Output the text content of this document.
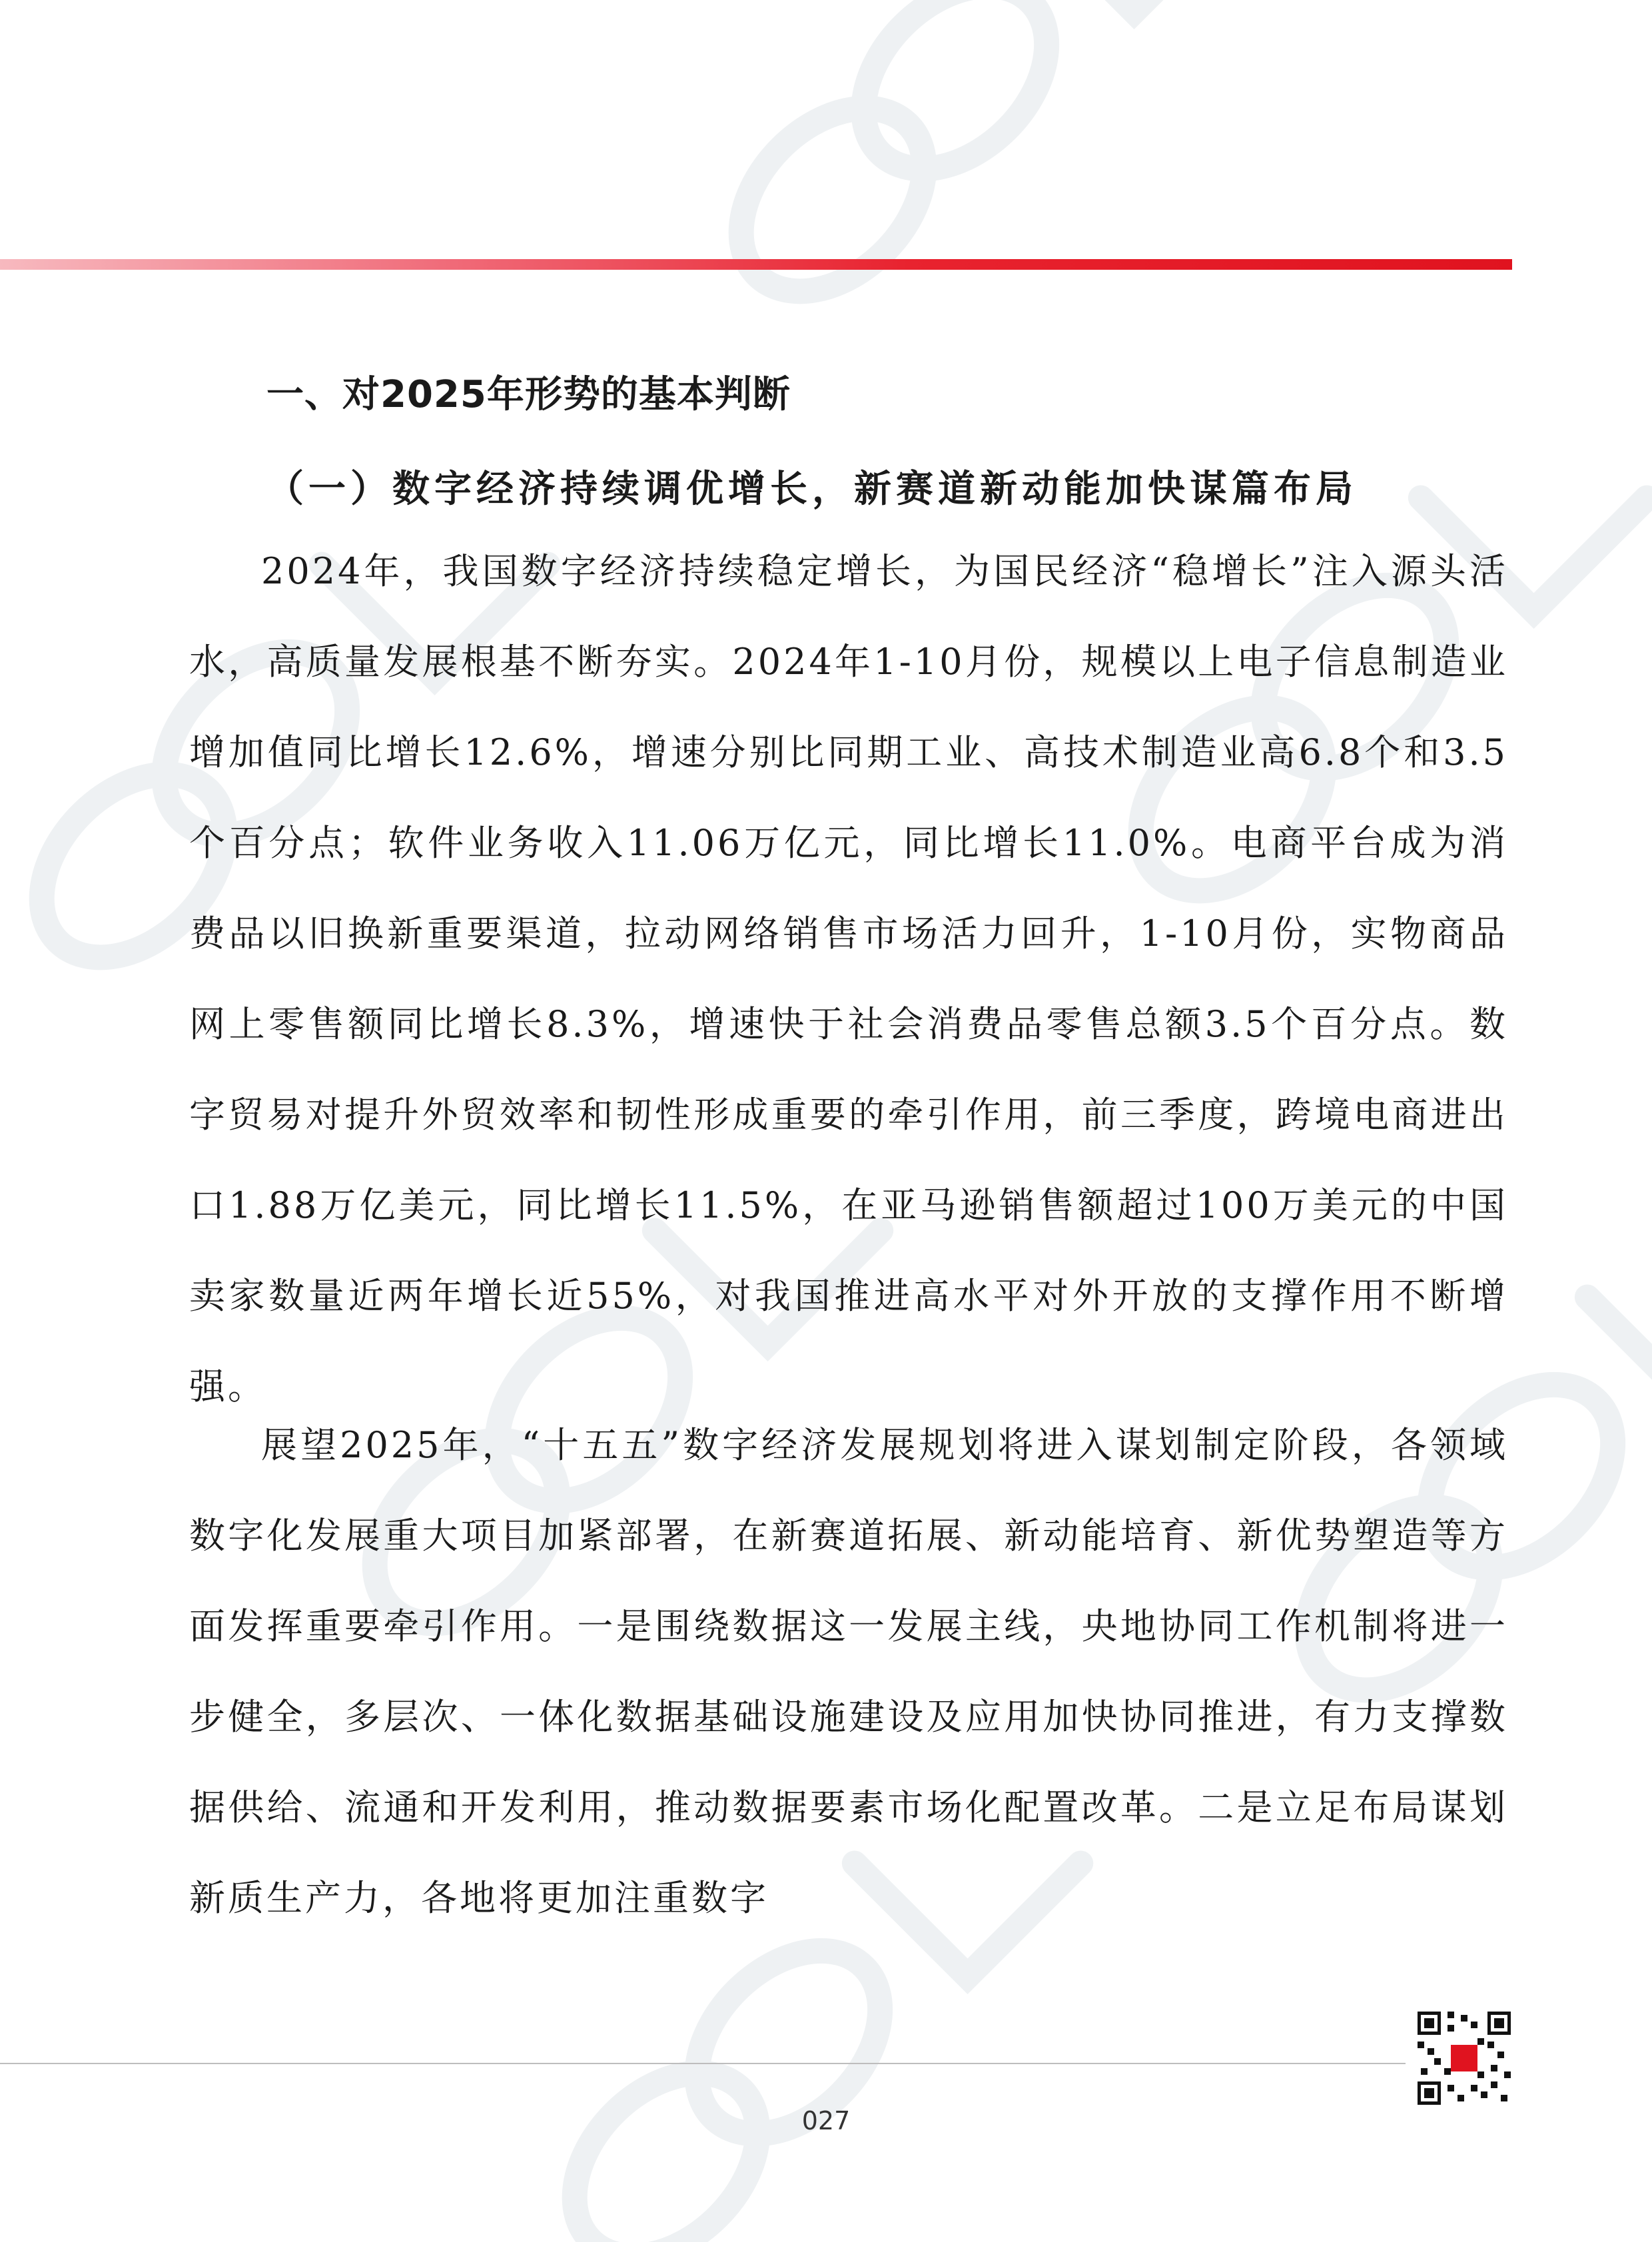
一、对2025年形势的基本判断
（一）数字经济持续调优增长，新赛道新动能加快谋篇布局

2024年，我国数字经济持续稳定增长，为国民经济“稳增长”注入源头活水，高质量发展根基不断夯实。2024年1-10月份，规模以上电子信息制造业增加值同比增长12.6%，增速分别比同期工业、高技术制造业高6.8个和3.5个百分点；软件业务收入11.06万亿元，同比增长11.0%。电商平台成为消费品以旧换新重要渠道，拉动网络销售市场活力回升，1-10月份，实物商品网上零售额同比增长8.3%，增速快于社会消费品零售总额3.5个百分点。数字贸易对提升外贸效率和韧性形成重要的牵引作用，前三季度，跨境电商进出口1.88万亿美元，同比增长11.5%，在亚马逊销售额超过100万美元的中国卖家数量近两年增长近55%，对我国推进高水平对外开放的支撑作用不断增强。

展望2025年，“十五五”数字经济发展规划将进入谋划制定阶段，各领域数字化发展重大项目加紧部署，在新赛道拓展、新动能培育、新优势塑造等方面发挥重要牵引作用。一是围绕数据这一发展主线，央地协同工作机制将进一步健全，多层次、一体化数据基础设施建设及应用加快协同推进，有力支撑数据供给、流通和开发利用，推动数据要素市场化配置改革。二是立足布局谋划新质生产力，各地将更加注重数字

027
